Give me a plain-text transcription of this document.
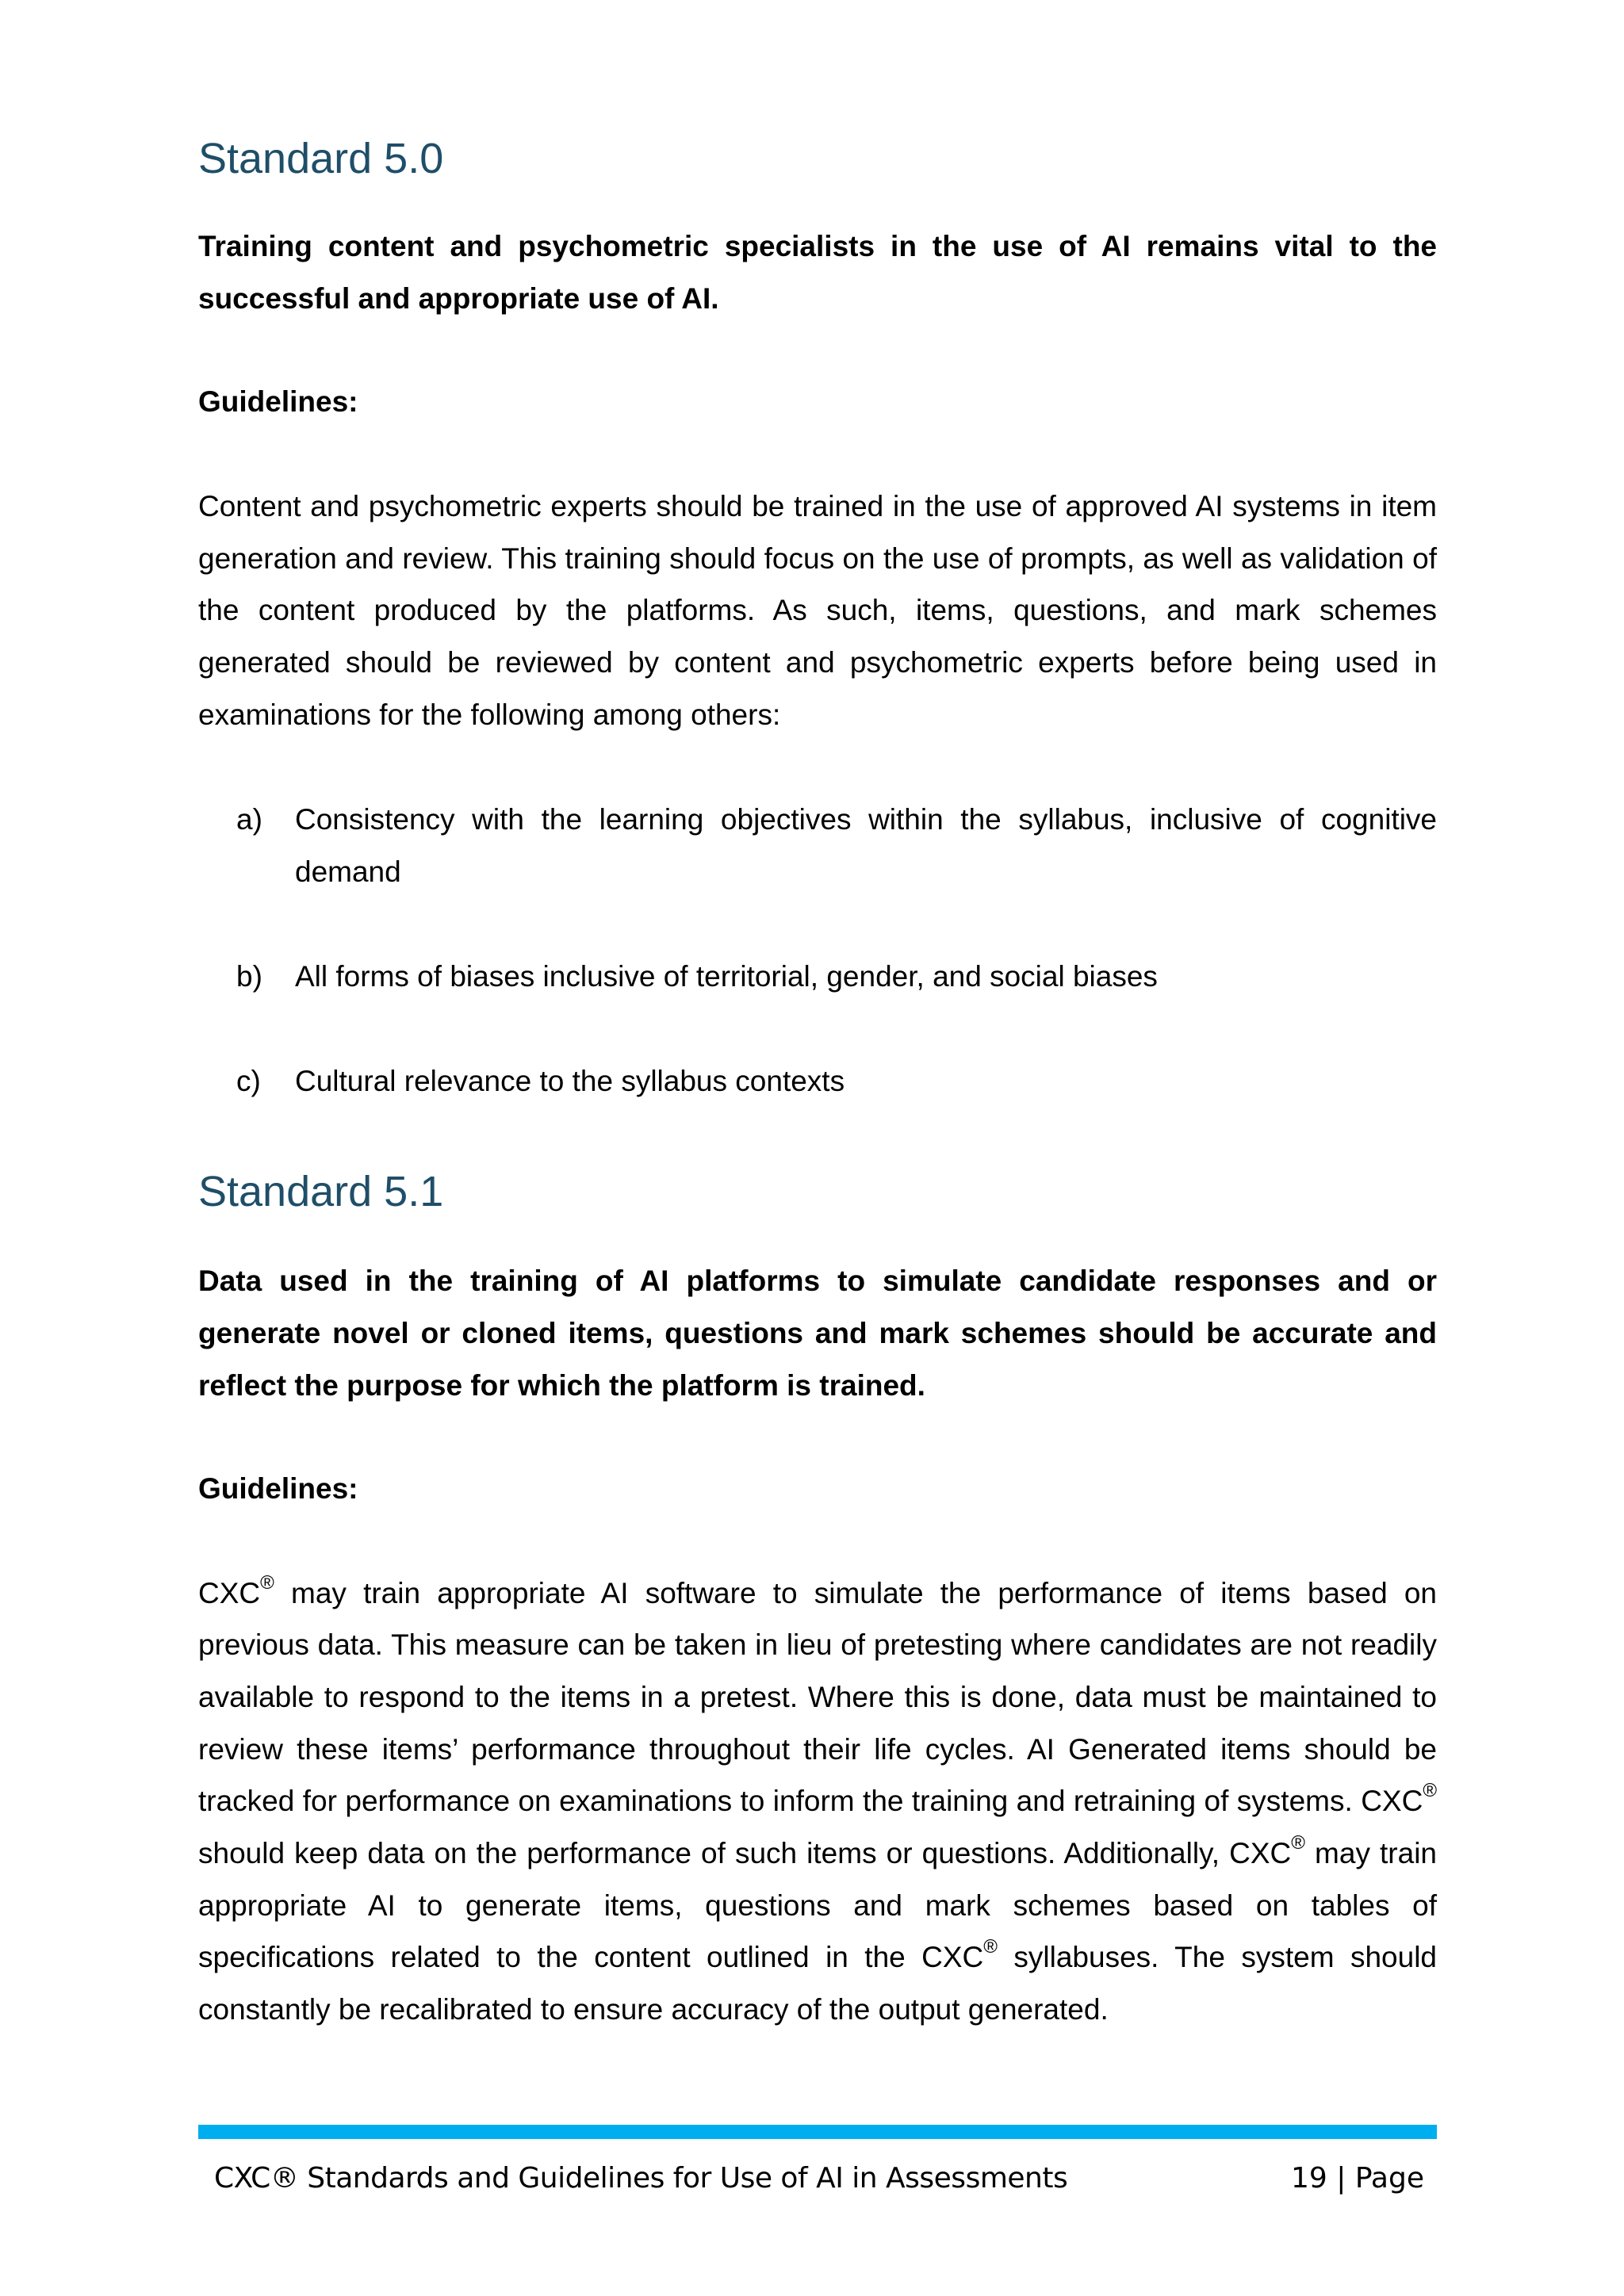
Standard 5.0

Training content and psychometric specialists in the use of AI remains vital to the successful and appropriate use of AI.

Guidelines:

Content and psychometric experts should be trained in the use of approved AI systems in item generation and review. This training should focus on the use of prompts, as well as validation of the content produced by the platforms. As such, items, questions, and mark schemes generated should be reviewed by content and psychometric experts before being used in examinations for the following among others:

a) Consistency with the learning objectives within the syllabus, inclusive of cognitive demand
b) All forms of biases inclusive of territorial, gender, and social biases
c) Cultural relevance to the syllabus contexts
Standard 5.1

Data used in the training of AI platforms to simulate candidate responses and or generate novel or cloned items, questions and mark schemes should be accurate and reflect the purpose for which the platform is trained.

Guidelines:

CXC® may train appropriate AI software to simulate the performance of items based on previous data. This measure can be taken in lieu of pretesting where candidates are not readily available to respond to the items in a pretest. Where this is done, data must be maintained to review these items’ performance throughout their life cycles. AI Generated items should be tracked for performance on examinations to inform the training and retraining of systems. CXC® should keep data on the performance of such items or questions. Additionally, CXC® may train appropriate AI to generate items, questions and mark schemes based on tables of specifications related to the content outlined in the CXC® syllabuses. The system should constantly be recalibrated to ensure accuracy of the output generated.

CXC® Standards and Guidelines for Use of AI in Assessments	19 | Page
